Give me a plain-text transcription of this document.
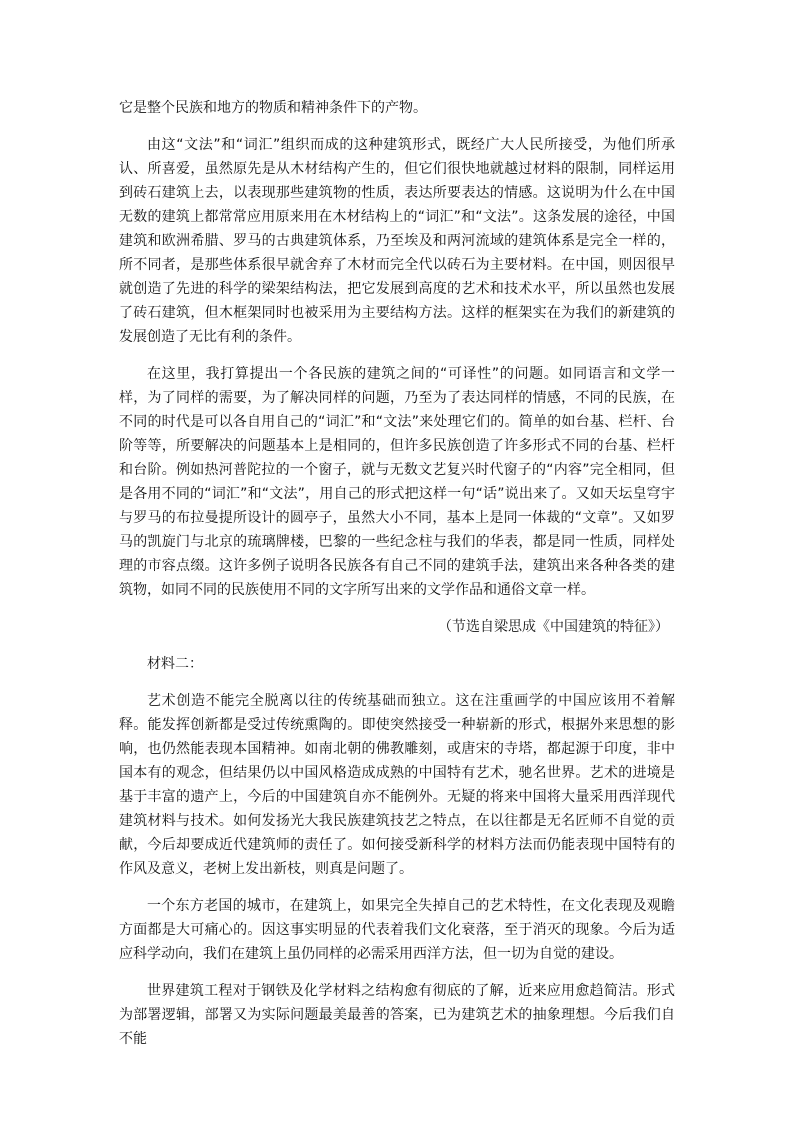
它是整个民族和地方的物质和精神条件下的产物。

由这“文法”和“词汇”组织而成的这种建筑形式，既经广大人民所接受，为他们所承认、所喜爱，虽然原先是从木材结构产生的，但它们很快地就越过材料的限制，同样运用到砖石建筑上去，以表现那些建筑物的性质，表达所要表达的情感。这说明为什么在中国无数的建筑上都常常应用原来用在木材结构上的“词汇”和“文法”。这条发展的途径，中国建筑和欧洲希腊、罗马的古典建筑体系，乃至埃及和两河流域的建筑体系是完全一样的，所不同者，是那些体系很早就舍弃了木材而完全代以砖石为主要材料。在中国，则因很早就创造了先进的科学的梁架结构法，把它发展到高度的艺术和技术水平，所以虽然也发展了砖石建筑，但木框架同时也被采用为主要结构方法。这样的框架实在为我们的新建筑的发展创造了无比有利的条件。

在这里，我打算提出一个各民族的建筑之间的“可译性”的问题。如同语言和文学一样，为了同样的需要，为了解决同样的问题，乃至为了表达同样的情感，不同的民族，在不同的时代是可以各自用自己的“词汇”和“文法”来处理它们的。简单的如台基、栏杆、台阶等等，所要解决的问题基本上是相同的，但许多民族创造了许多形式不同的台基、栏杆和台阶。例如热河普陀拉的一个窗子，就与无数文艺复兴时代窗子的“内容”完全相同，但是各用不同的“词汇”和“文法”，用自己的形式把这样一句“话”说出来了。又如天坛皇穹宇与罗马的布拉曼提所设计的圆亭子，虽然大小不同，基本上是同一体裁的“文章”。又如罗马的凯旋门与北京的琉璃牌楼，巴黎的一些纪念柱与我们的华表，都是同一性质，同样处理的市容点缀。这许多例子说明各民族各有自己不同的建筑手法，建筑出来各种各类的建筑物，如同不同的民族使用不同的文字所写出来的文学作品和通俗文章一样。

（节选自梁思成《中国建筑的特征》）

材料二：

艺术创造不能完全脱离以往的传统基础而独立。这在注重画学的中国应该用不着解释。能发挥创新都是受过传统熏陶的。即使突然接受一种崭新的形式，根据外来思想的影响，也仍然能表现本国精神。如南北朝的佛教雕刻，或唐宋的寺塔，都起源于印度，非中国本有的观念，但结果仍以中国风格造成成熟的中国特有艺术，驰名世界。艺术的进境是基于丰富的遗产上，今后的中国建筑自亦不能例外。无疑的将来中国将大量采用西洋现代建筑材料与技术。如何发扬光大我民族建筑技艺之特点，在以往都是无名匠师不自觉的贡献，今后却要成近代建筑师的责任了。如何接受新科学的材料方法而仍能表现中国特有的作风及意义，老树上发出新枝，则真是问题了。

一个东方老国的城市，在建筑上，如果完全失掉自己的艺术特性，在文化表现及观瞻方面都是大可痛心的。因这事实明显的代表着我们文化衰落，至于消灭的现象。今后为适应科学动向，我们在建筑上虽仍同样的必需采用西洋方法，但一切为自觉的建设。

世界建筑工程对于钢铁及化学材料之结构愈有彻底的了解，近来应用愈趋简洁。形式为部署逻辑，部署又为实际问题最美最善的答案，已为建筑艺术的抽象理想。今后我们自不能
